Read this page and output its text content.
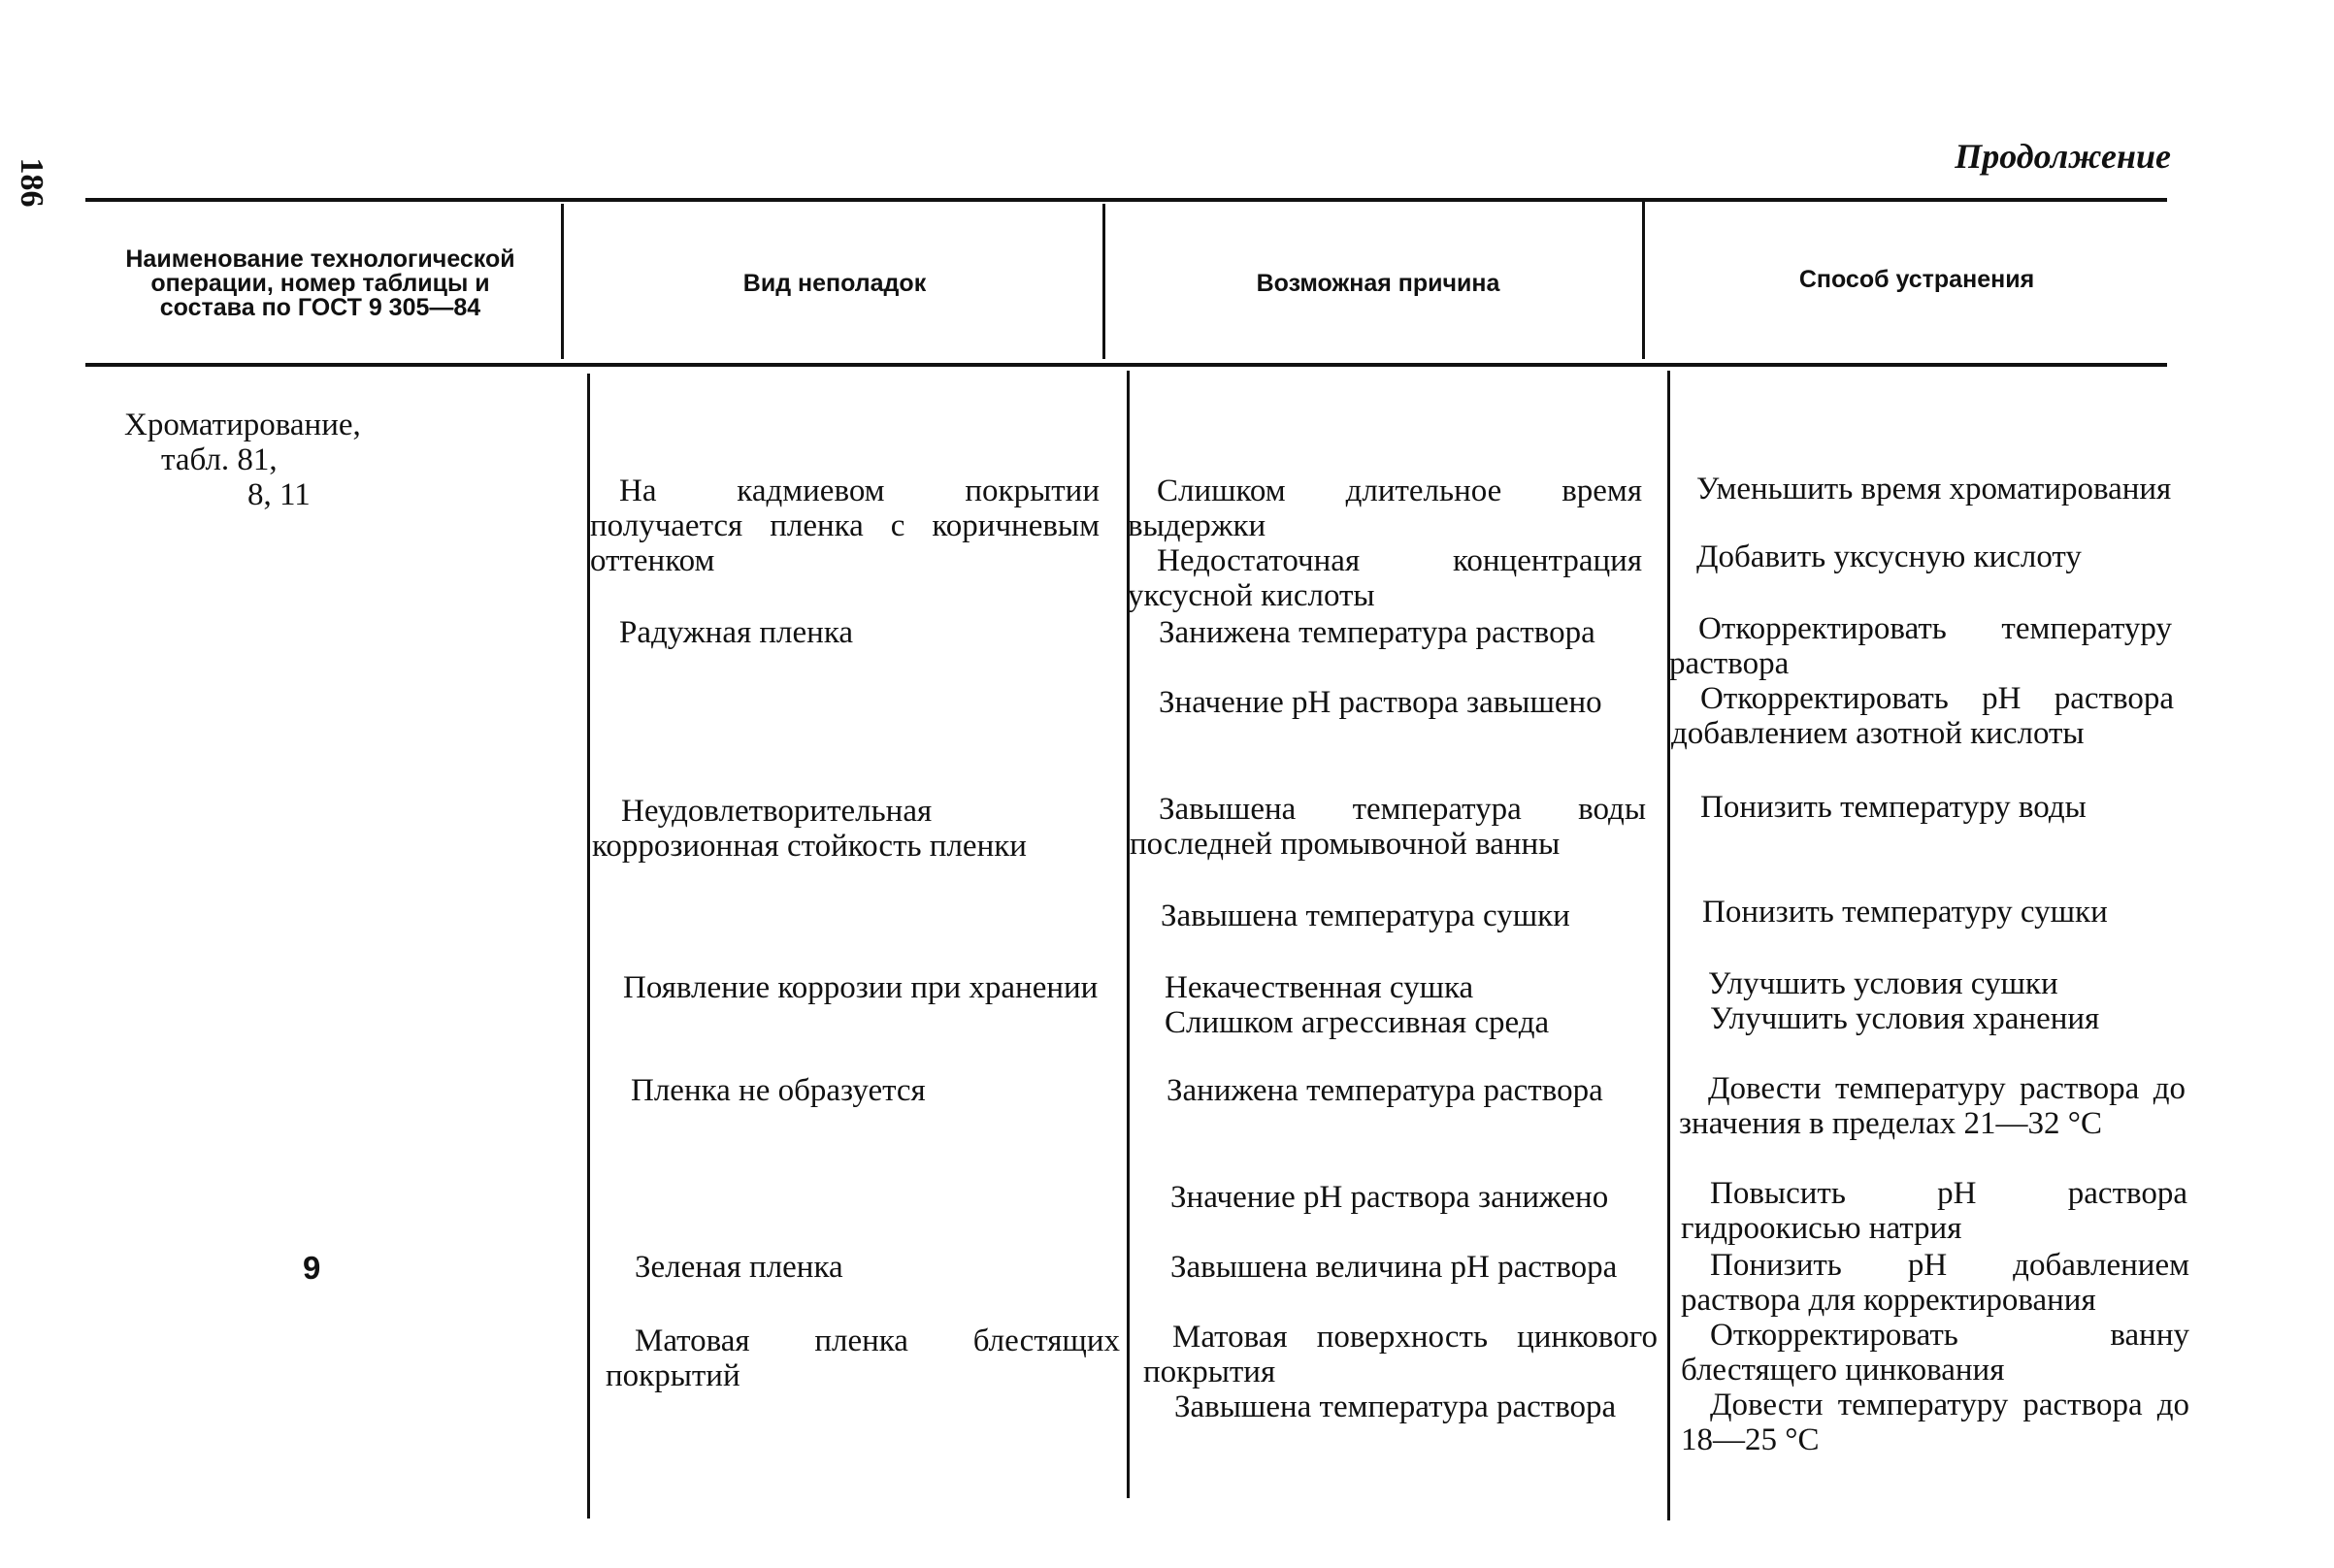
186
Продолжение
Наименование технологической операции, номер таблицы и состава по ГОСТ 9 305—84
Вид неполадок	Возможная причина	Способ устранения
Хроматирование,
табл. 81,
8, 11
9
На кадмиевом покрытии получается пленка с коричневым оттенком
Радужная пленка
Неудовлетворительная коррозионная стойкость пленки
Появление коррозии при хранении
Пленка не образуется
Зеленая пленка
Матовая пленка блестящих покрытий
Слишком длительное время выдержки
Недостаточная концентрация уксусной кислоты
Занижена температура раствора
Значение pH раствора завышено
Завышена температура воды последней промывочной ванны
Завышена температура сушки
Некачественная сушка
Слишком агрессивная среда
Занижена температура раствора
Значение pH раствора занижено
Завышена величина pH раствора
Матовая поверхность цинкового покрытия
Завышена температура раствора
Уменьшить время хроматирования
Добавить уксусную кислоту
Откорректировать температуру раствора
Откорректировать pH раствора добавлением азотной кислоты
Понизить температуру воды
Понизить температуру сушки
Улучшить условия сушки
Улучшить условия хранения
Довести температуру раствора до значения в пределах 21—32 °C
Повысить pH раствора гидроокисью натрия
Понизить pH добавлением раствора для корректирования
Откорректировать ванну блестящего цинкования
Довести температуру раствора до 18—25 °C
